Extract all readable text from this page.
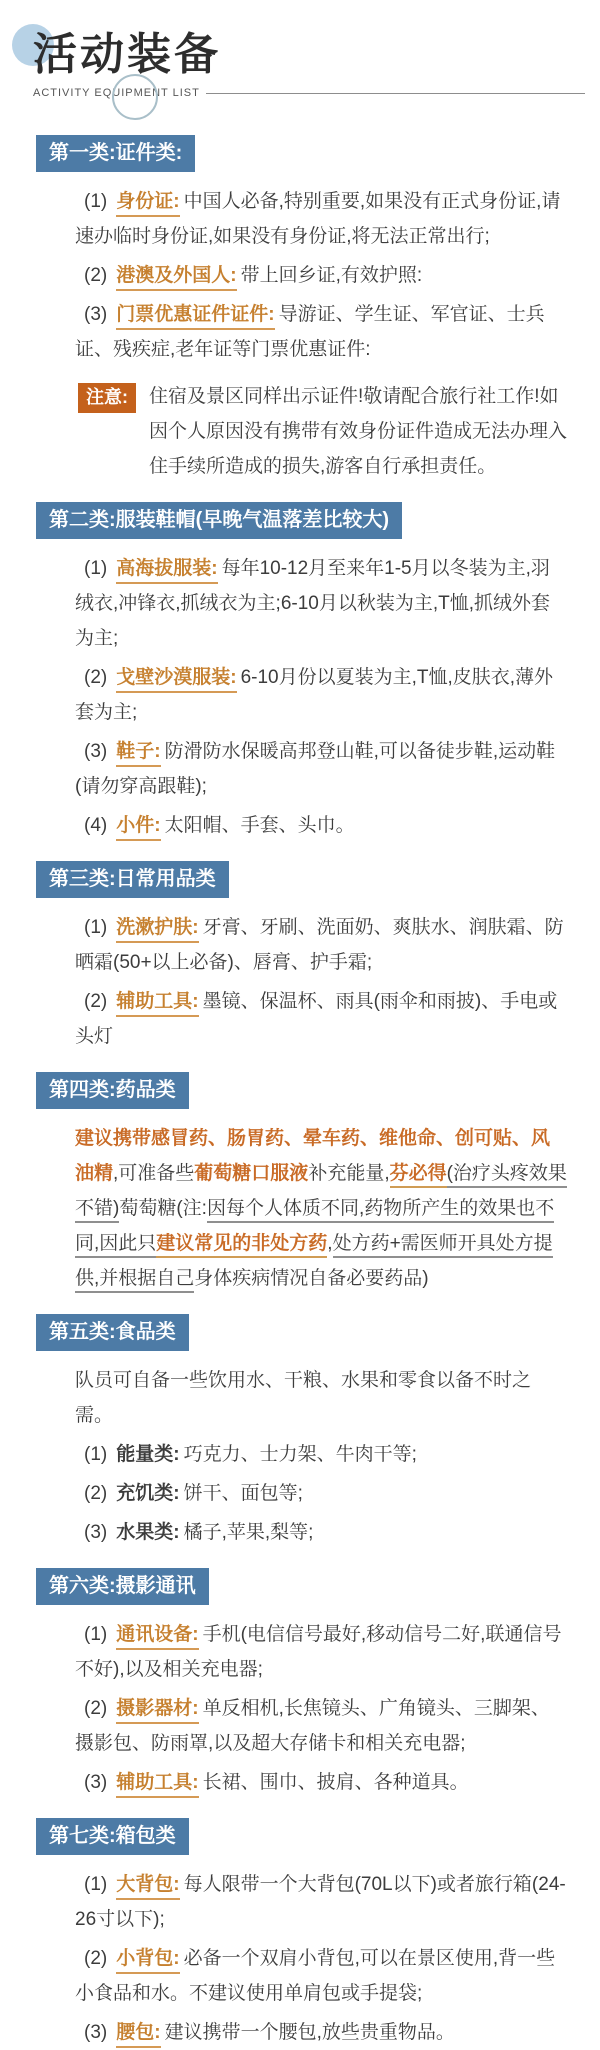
活动装备
ACTIVITY EQUIPMENT LIST
第一类:证件类:

(1) 身份证: 中国人必备,特别重要,如果没有正式身份证,请速办临时身份证,如果没有身份证,将无法正常出行;

(2) 港澳及外国人: 带上回乡证,有效护照:

(3) 门票优惠证件证件: 导游证、学生证、军官证、士兵证、残疾症,老年证等门票优惠证件:

注意:	住宿及景区同样出示证件!敬请配合旅行社工作!如因个人原因没有携带有效身份证件造成无法办理入住手续所造成的损失,游客自行承担责任。
第二类:服装鞋帽(早晚气温落差比较大)

(1) 高海拔服装: 每年10-12月至来年1-5月以冬装为主,羽绒衣,冲锋衣,抓绒衣为主;6-10月以秋装为主,T恤,抓绒外套为主;

(2) 戈壁沙漠服装: 6-10月份以夏装为主,T恤,皮肤衣,薄外套为主;

(3) 鞋子: 防滑防水保暖高邦登山鞋,可以备徒步鞋,运动鞋(请勿穿高跟鞋);

(4) 小件: 太阳帽、手套、头巾。

第三类:日常用品类

(1) 洗漱护肤: 牙膏、牙刷、洗面奶、爽肤水、润肤霜、防晒霜(50+以上必备)、唇膏、护手霜;

(2) 辅助工具: 墨镜、保温杯、雨具(雨伞和雨披)、手电或头灯

第四类:药品类

建议携带感冒药、肠胃药、晕车药、维他命、创可贴、风油精,可准备些葡萄糖口服液补充能量,芬必得(治疗头疼效果不错)萄萄糖(注:因每个人体质不同,药物所产生的效果也不同,因此只建议常见的非处方药,处方药+需医师开具处方提供,并根据自己身体疾病情况自备必要药品)

第五类:食品类

队员可自备一些饮用水、干粮、水果和零食以备不时之需。

(1) 能量类: 巧克力、士力架、牛肉干等;

(2) 充饥类: 饼干、面包等;

(3) 水果类: 橘子,苹果,梨等;

第六类:摄影通讯

(1) 通讯设备: 手机(电信信号最好,移动信号二好,联通信号不好),以及相关充电器;

(2) 摄影器材: 单反相机,长焦镜头、广角镜头、三脚架、摄影包、防雨罩,以及超大存储卡和相关充电器;

(3) 辅助工具: 长裙、围巾、披肩、各种道具。

第七类:箱包类

(1) 大背包: 每人限带一个大背包(70L以下)或者旅行箱(24-26寸以下);

(2) 小背包: 必备一个双肩小背包,可以在景区使用,背一些小食品和水。不建议使用单肩包或手提袋;

(3) 腰包: 建议携带一个腰包,放些贵重物品。
